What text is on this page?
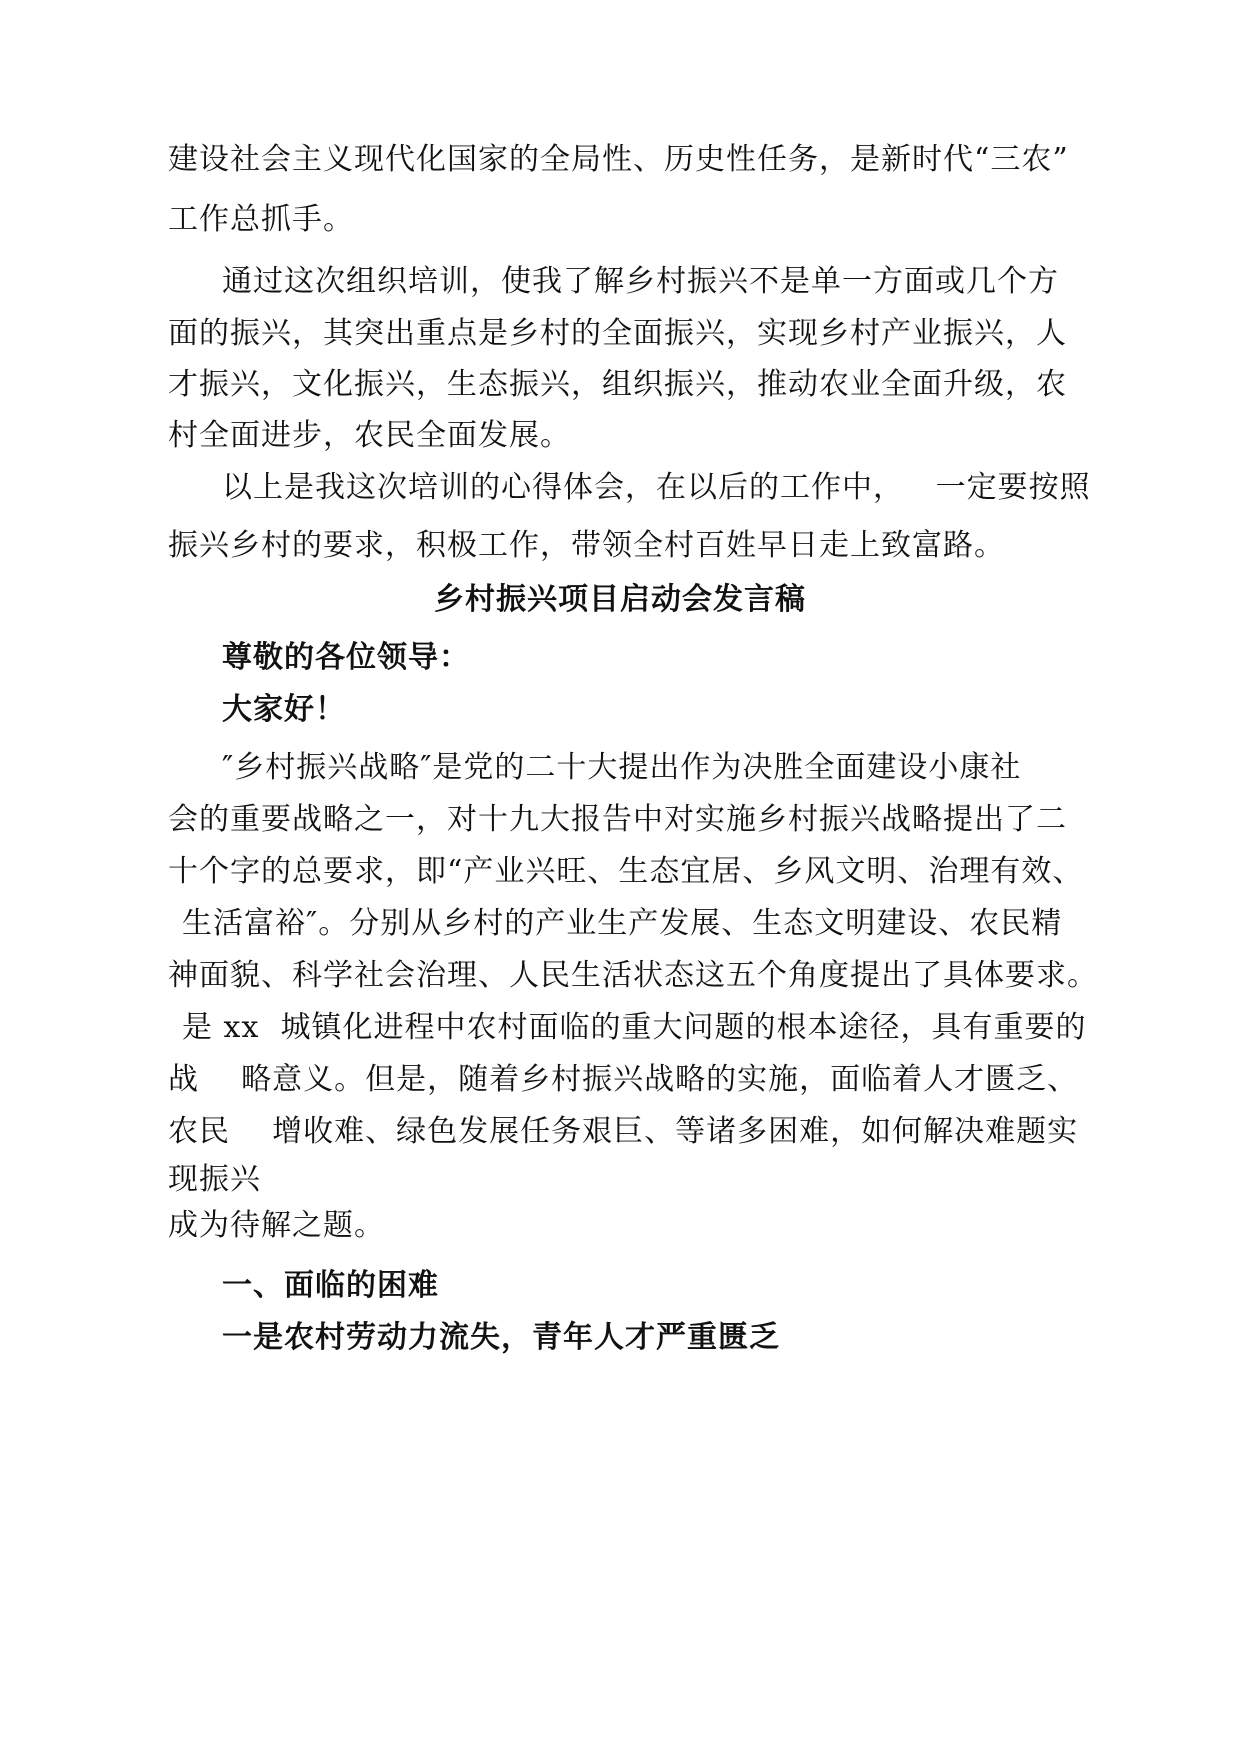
建设社会主义现代化国家的全局性、历史性任务，是新时代“三农”
工作总抓手。
通过这次组织培训，使我了解乡村振兴不是单一方面或几个方
面的振兴，其突出重点是乡村的全面振兴，实现乡村产业振兴，人
才振兴，文化振兴，生态振兴，组织振兴，推动农业全面升级，农
村全面进步，农民全面发展。
以上是我这次培训的心得体会，在以后的工作中，   一定要按照
振兴乡村的要求，积极工作，带领全村百姓早日走上致富路。
乡村振兴项目启动会发言稿
尊敬的各位领导：
大家好！
″乡村振兴战略″是党的二十大提出作为决胜全面建设小康社
会的重要战略之一，对十九大报告中对实施乡村振兴战略提出了二
十个字的总要求，即“产业兴旺、生态宜居、乡风文明、治理有效、
生活富裕″。分别从乡村的产业生产发展、生态文明建设、农民精
神面貌、科学社会治理、人民生活状态这五个角度提出了具体要求。
是 xx  城镇化进程中农村面临的重大问题的根本途径，具有重要的
战    略意义。但是，随着乡村振兴战略的实施，面临着人才匮乏、
农民    增收难、绿色发展任务艰巨、等诸多困难，如何解决难题实
现振兴
成为待解之题。
一、面临的困难
一是农村劳动力流失，青年人才严重匮乏
